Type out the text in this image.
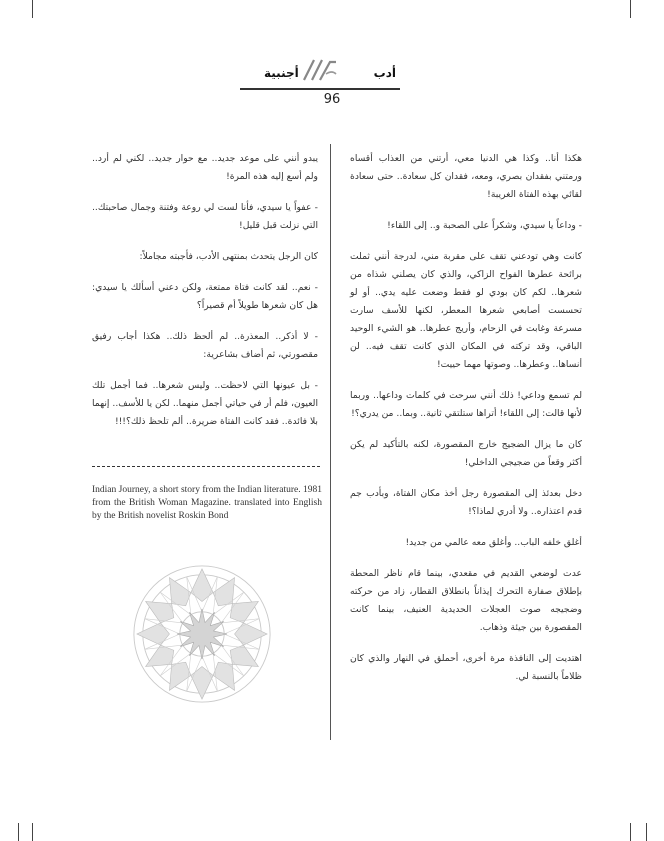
أجنبية	أدب
96

هكذا أنا.. وكذا هي الدنيا معي، أرتني من العذاب أقساه ورمتني بفقدان بصري، ومعه، فقدان كل سعادة.. حتى سعادة لقائي بهذه الفتاة الغريبة!

- وداعاً يا سيدي، وشكراً على الصحبة و.. إلى اللقاء!

كانت وهي تودعني تقف على مقربة مني، لدرجة أنني ثملت برائحة عطرها الفواح الزاكي، والذي كان يصلني شذاه من شعرها.. لكم كان بودي لو فقط وضعت عليه يدي.. أو لو تحسست أصابعي شعرها المعطر، لكنها للأسف سارت مسرعة وغابت في الزحام، وأريج عطرها.. هو الشيء الوحيد الباقي، وقد تركته في المكان الذي كانت تقف فيه.. لن أنساها.. وعطرها.. وصوتها مهما حييت!

لم تسمع وداعي! ذلك أنني سرحت في كلمات وداعها.. وربما لأنها قالت: إلى اللقاء! أتراها ستلتقي ثانية.. وبما.. من يدري؟!

كان ما يزال الضجيج خارج المقصورة، لكنه بالتأكيد لم يكن أكثر وقعاً من ضجيجي الداخلي!

دخل بعدئذ إلى المقصورة رجل أخذ مكان الفتاة، وبأدب جم قدم اعتذاره.. ولا أدري لماذا؟!

أغلق خلفه الباب.. وأغلق معه عالمي من جديد!

عدت لوضعي القديم في مقعدي، بينما قام ناظر المحطة بإطلاق صفارة التحرك إيذاناً بانطلاق القطار، زاد من حركته وضجيجه صوت العجلات الحديدية العنيف، بينما كانت المقصورة بين جيئة وذهاب.

اهتديت إلى النافذة مرة أخرى، أحملق في النهار والذي كان ظلاماً بالنسبة لي.

يبدو أنني على موعد جديد.. مع حوار جديد.. لكني لم أرد.. ولم أسع إليه هذه المرة!

- عفواً يا سيدي، فأنا لست لي روعة وفتنة وجمال صاحبتك.. التي نزلت قبل قليل!

كان الرجل يتحدث بمنتهى الأدب، فأجبته مجاملاً:

- نعم.. لقد كانت فتاة ممتعة، ولكن دعني أسألك يا سيدي: هل كان شعرها طويلاً أم قصيراً؟

- لا أذكر.. المعذرة.. لم ألحظ ذلك.. هكذا أجاب رفيق مقصورتي، ثم أضاف بشاعرية:

- بل عيونها التي لاحظت.. وليس شعرها.. فما أجمل تلك العيون، فلم أر في حياتي أجمل منهما.. لكن يا للأسف.. إنهما بلا فائدة.. فقد كانت الفتاة ضريرة.. ألم تلحظ ذلك؟!!!

Indian Journey, a short story from the Indian literature. 1981 from the British Woman Magazine. translated into English by the British novelist Roskin Bond
